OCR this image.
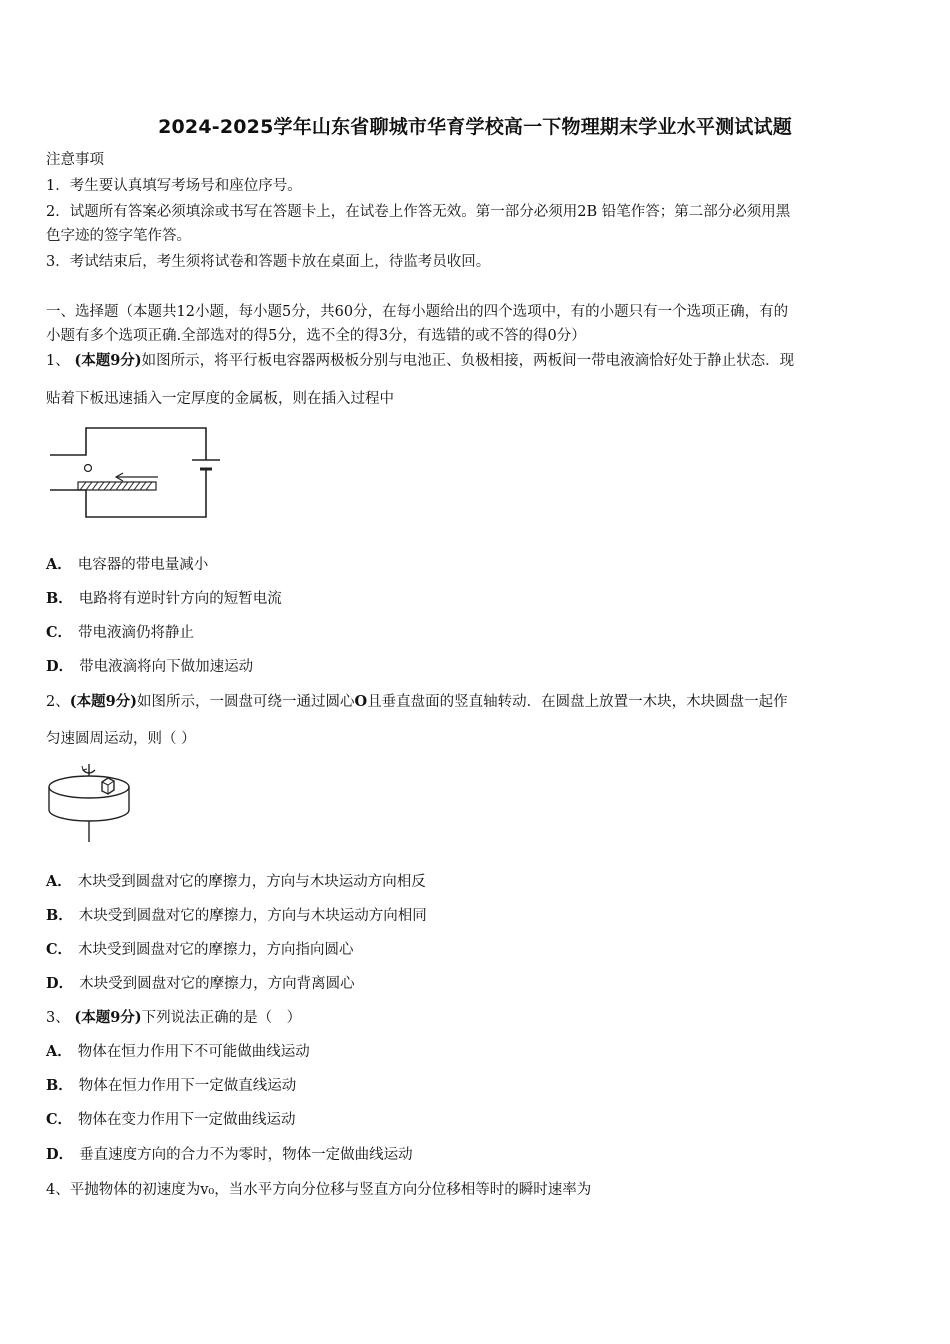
2024-2025学年山东省聊城市华育学校高一下物理期末学业水平测试试题
注意事项
1．考生要认真填写考场号和座位序号。
2．试题所有答案必须填涂或书写在答题卡上，在试卷上作答无效。第一部分必须用2B 铅笔作答；第二部分必须用黑
色字迹的签字笔作答。
3．考试结束后，考生须将试卷和答题卡放在桌面上，待监考员收回。
一、选择题（本题共12小题，每小题5分，共60分，在每小题给出的四个选项中，有的小题只有一个选项正确，有的
小题有多个选项正确.全部选对的得5分，选不全的得3分，有选错的或不答的得0分）
1、 (本题9分)如图所示，将平行板电容器两极板分别与电池正、负极相接，两板间一带电液滴恰好处于静止状态．现
贴着下板迅速插入一定厚度的金属板，则在插入过程中
A． 电容器的带电量减小
B． 电路将有逆时针方向的短暂电流
C． 带电液滴仍将静止
D． 带电液滴将向下做加速运动
2、(本题9分)如图所示，一圆盘可绕一通过圆心O且垂直盘面的竖直轴转动．在圆盘上放置一木块，木块圆盘一起作
匀速圆周运动，则（ ）
A． 木块受到圆盘对它的摩擦力，方向与木块运动方向相反
B． 木块受到圆盘对它的摩擦力，方向与木块运动方向相同
C． 木块受到圆盘对它的摩擦力，方向指向圆心
D． 木块受到圆盘对它的摩擦力，方向背离圆心
3、 (本题9分)下列说法正确的是（　）
A． 物体在恒力作用下不可能做曲线运动
B． 物体在恒力作用下一定做直线运动
C． 物体在变力作用下一定做曲线运动
D． 垂直速度方向的合力不为零时，物体一定做曲线运动
4、平抛物体的初速度为v₀，当水平方向分位移与竖直方向分位移相等时的瞬时速率为
